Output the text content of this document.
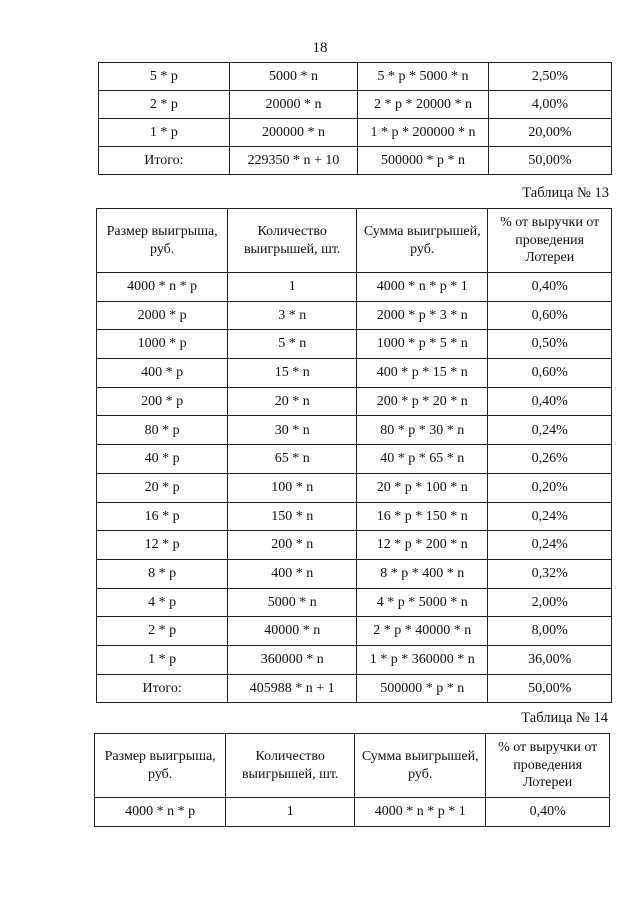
18
5 * p	5000 * n	5 * p * 5000 * n	2,50%
2 * p	20000 * n	2 * p * 20000 * n	4,00%
1 * p	200000 * n	1 * p * 200000 * n	20,00%
Итого:	229350 * n + 10	500000 * p * n	50,00%
Таблица № 13
Размер выигрыша, руб.	Количество выигрышей, шт.	Сумма выигрышей, руб.	% от выручки от проведения Лотереи
4000 * n * p	1	4000 * n * p * 1	0,40%
2000 * p	3 * n	2000 * p * 3 * n	0,60%
1000 * p	5 * n	1000 * p * 5 * n	0,50%
400 * p	15 * n	400 * p * 15 * n	0,60%
200 * p	20 * n	200 * p * 20 * n	0,40%
80 * p	30 * n	80 * p * 30 * n	0,24%
40 * p	65 * n	40 * p * 65 * n	0,26%
20 * p	100 * n	20 * p * 100 * n	0,20%
16 * p	150 * n	16 * p * 150 * n	0,24%
12 * p	200 * n	12 * p * 200 * n	0,24%
8 * p	400 * n	8 * p * 400 * n	0,32%
4 * p	5000 * n	4 * p * 5000 * n	2,00%
2 * p	40000 * n	2 * p * 40000 * n	8,00%
1 * p	360000 * n	1 * p * 360000 * n	36,00%
Итого:	405988 * n + 1	500000 * p * n	50,00%
Таблица № 14
Размер выигрыша, руб.	Количество выигрышей, шт.	Сумма выигрышей, руб.	% от выручки от проведения Лотереи
4000 * n * p	1	4000 * n * p * 1	0,40%
